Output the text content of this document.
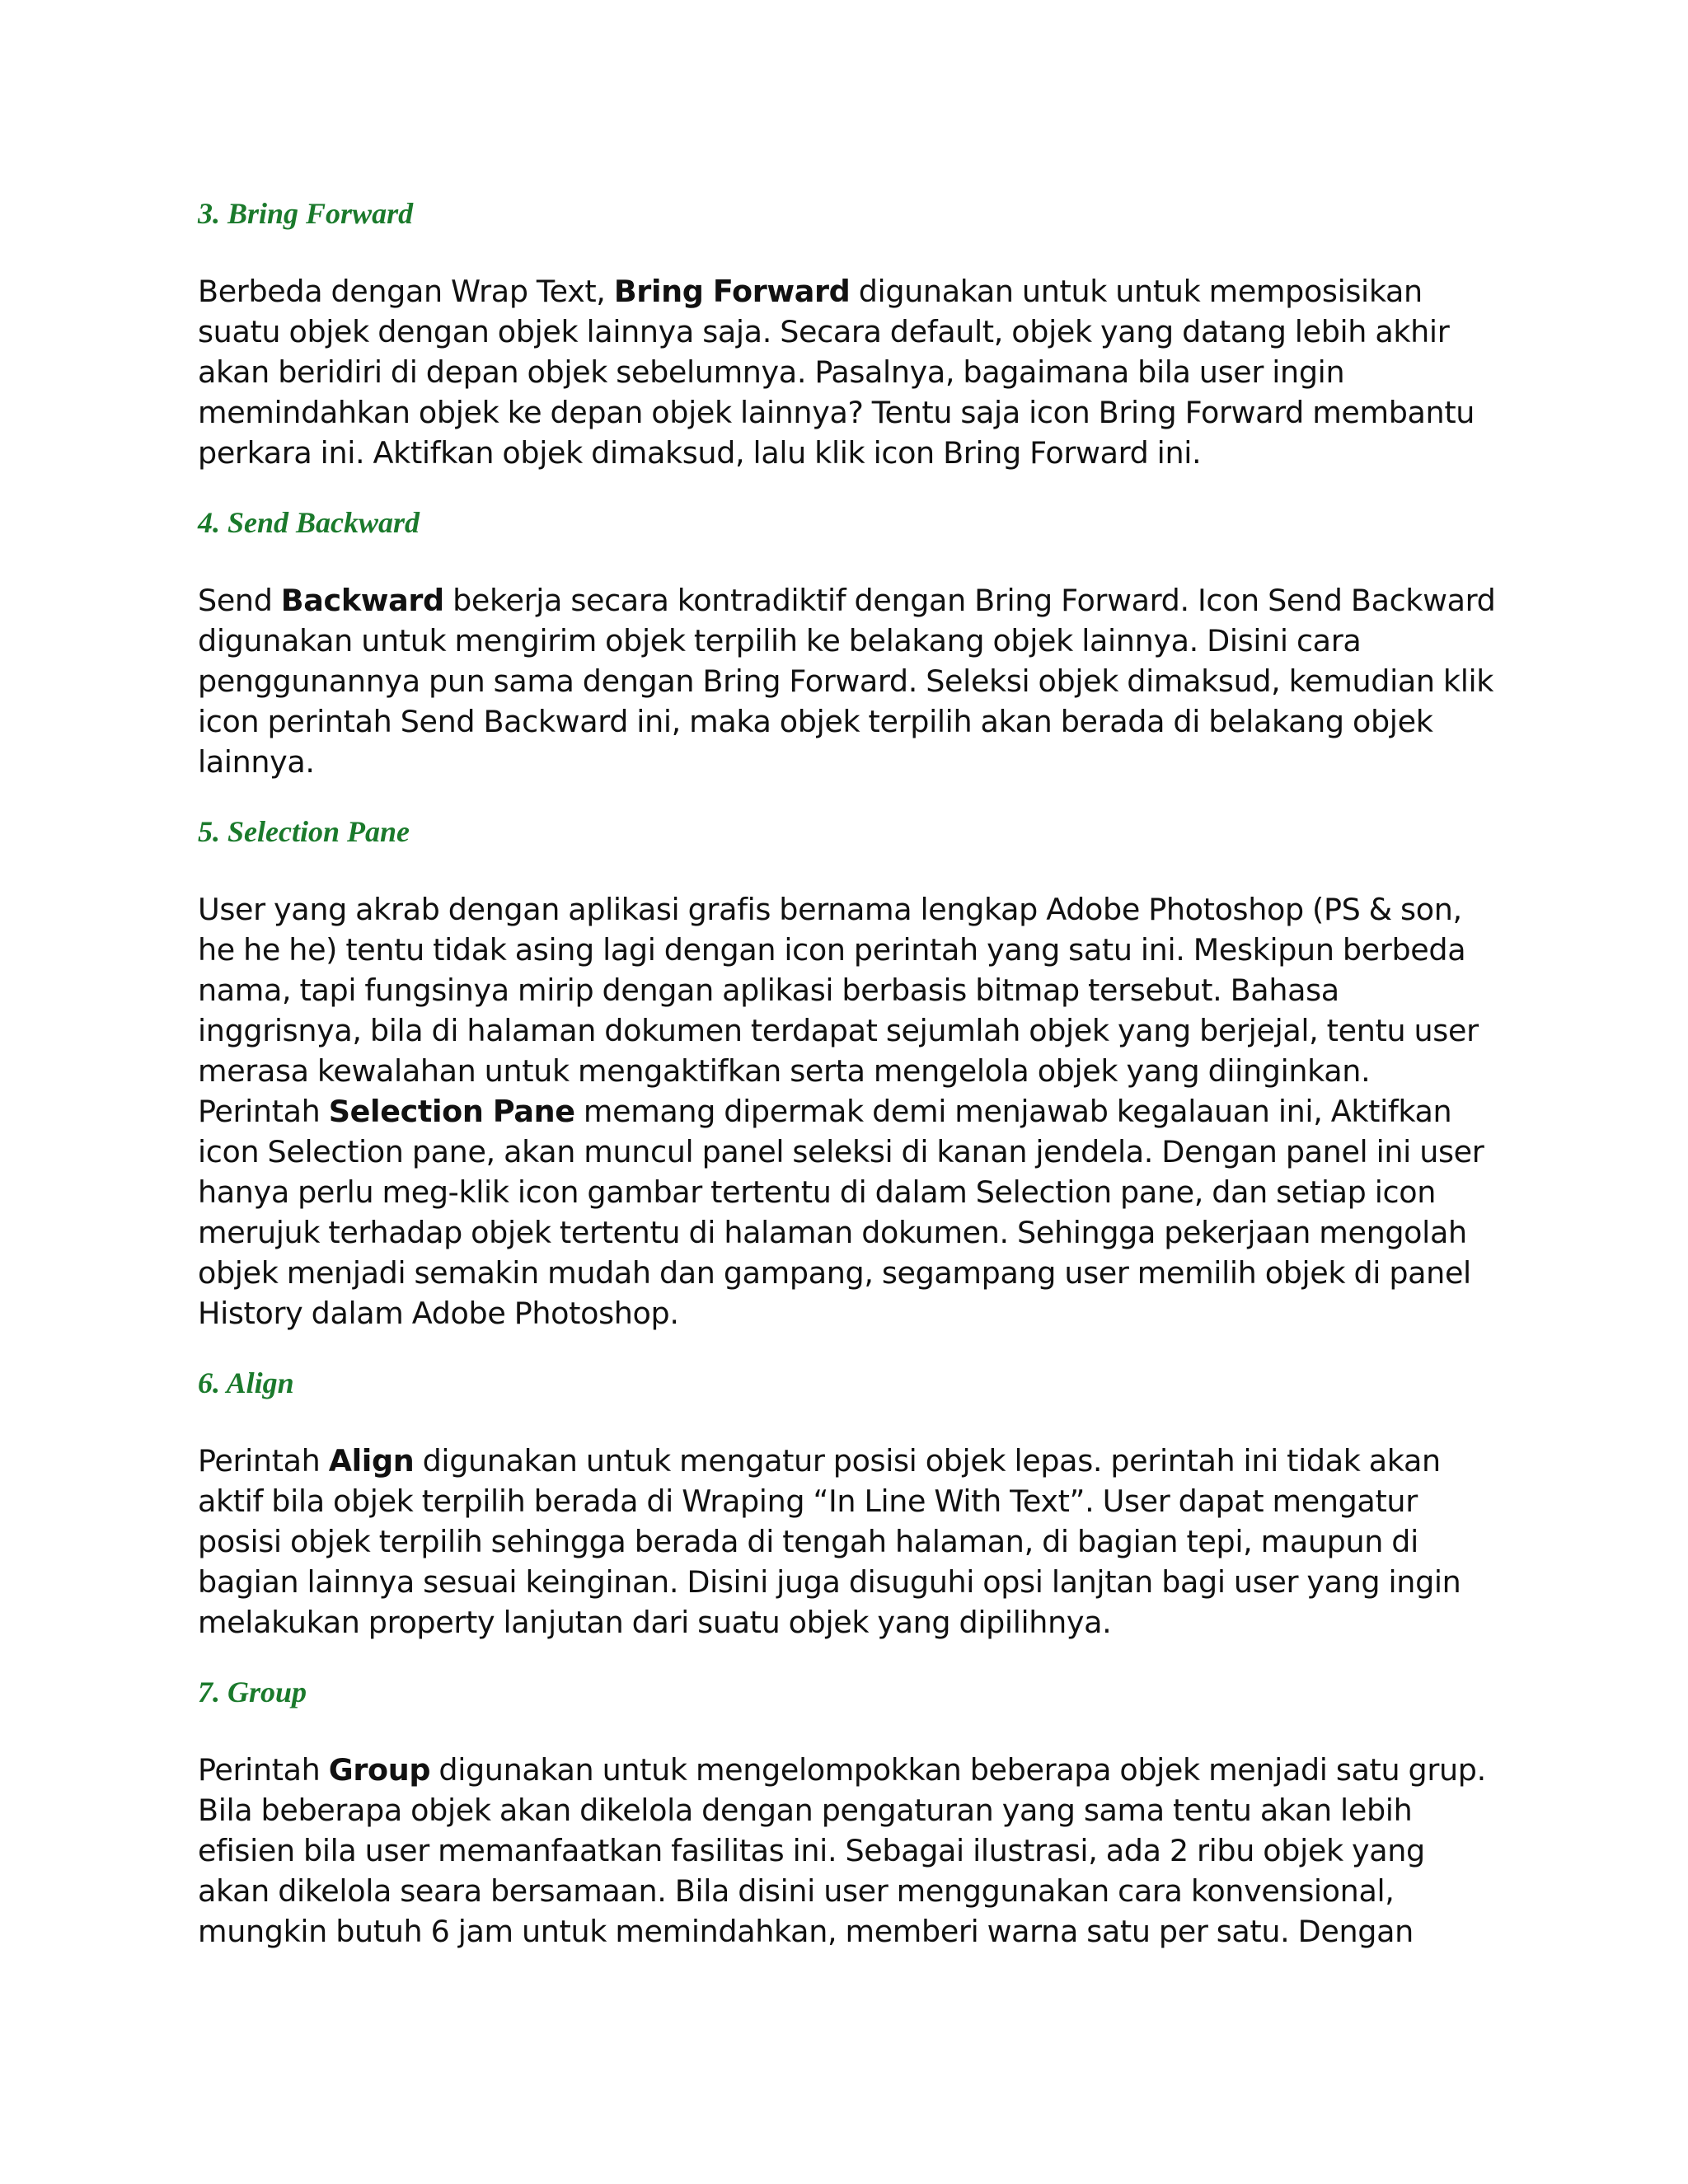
3. Bring Forward

Berbeda dengan Wrap Text, Bring Forward digunakan untuk untuk memposisikan suatu objek dengan objek lainnya saja. Secara default, objek yang datang lebih akhir akan beridiri di depan objek sebelumnya. Pasalnya, bagaimana bila user ingin memindahkan objek ke depan objek lainnya? Tentu saja icon Bring Forward membantu perkara ini. Aktifkan objek dimaksud, lalu klik icon Bring Forward ini.

4. Send Backward

Send Backward bekerja secara kontradiktif dengan Bring Forward. Icon Send Backward digunakan untuk mengirim objek terpilih ke belakang objek lainnya. Disini cara penggunannya pun sama dengan Bring Forward. Seleksi objek dimaksud, kemudian klik icon perintah Send Backward ini, maka objek terpilih akan berada di belakang objek lainnya.

5. Selection Pane

User yang akrab dengan aplikasi grafis bernama lengkap Adobe Photoshop (PS & son, he he he) tentu tidak asing lagi dengan icon perintah yang satu ini. Meskipun berbeda nama, tapi fungsinya mirip dengan aplikasi berbasis bitmap tersebut. Bahasa inggrisnya, bila di halaman dokumen terdapat sejumlah objek yang berjejal, tentu user merasa kewalahan untuk mengaktifkan serta mengelola objek yang diinginkan. Perintah Selection Pane memang dipermak demi menjawab kegalauan ini, Aktifkan icon Selection pane, akan muncul panel seleksi di kanan jendela. Dengan panel ini user hanya perlu meg-klik icon gambar tertentu di dalam Selection pane, dan setiap icon merujuk terhadap objek tertentu di halaman dokumen. Sehingga pekerjaan mengolah objek menjadi semakin mudah dan gampang, segampang user memilih objek di panel History dalam Adobe Photoshop.

6. Align

Perintah Align digunakan untuk mengatur posisi objek lepas. perintah ini tidak akan aktif bila objek terpilih berada di Wraping “In Line With Text”. User dapat mengatur posisi objek terpilih sehingga berada di tengah halaman, di bagian tepi, maupun di bagian lainnya sesuai keinginan. Disini juga disuguhi opsi lanjtan bagi user yang ingin melakukan property lanjutan dari suatu objek yang dipilihnya.

7. Group

Perintah Group digunakan untuk mengelompokkan beberapa objek menjadi satu grup. Bila beberapa objek akan dikelola dengan pengaturan yang sama tentu akan lebih efisien bila user memanfaatkan fasilitas ini. Sebagai ilustrasi, ada 2 ribu objek yang akan dikelola seara bersamaan. Bila disini user menggunakan cara konvensional, mungkin butuh 6 jam untuk memindahkan, memberi warna satu per satu. Dengan
